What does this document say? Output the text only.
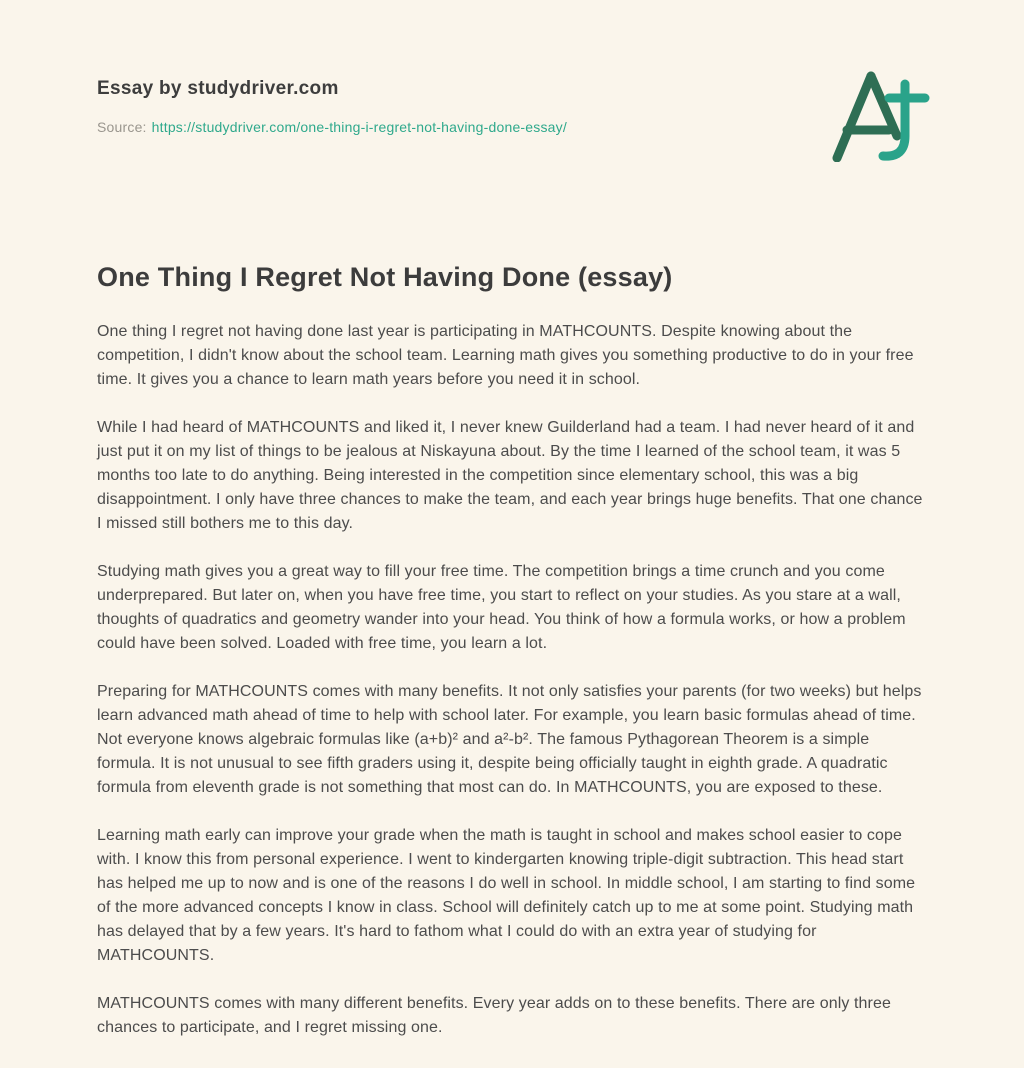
Essay by studydriver.com
Source: https://studydriver.com/one-thing-i-regret-not-having-done-essay/
One Thing I Regret Not Having Done (essay)

One thing I regret not having done last year is participating in MATHCOUNTS. Despite knowing about the competition, I didn't know about the school team. Learning math gives you something productive to do in your free time. It gives you a chance to learn math years before you need it in school.

While I had heard of MATHCOUNTS and liked it, I never knew Guilderland had a team. I had never heard of it and just put it on my list of things to be jealous at Niskayuna about. By the time I learned of the school team, it was 5 months too late to do anything. Being interested in the competition since elementary school, this was a big disappointment. I only have three chances to make the team, and each year brings huge benefits. That one chance I missed still bothers me to this day.

Studying math gives you a great way to fill your free time. The competition brings a time crunch and you come underprepared. But later on, when you have free time, you start to reflect on your studies. As you stare at a wall, thoughts of quadratics and geometry wander into your head. You think of how a formula works, or how a problem could have been solved. Loaded with free time, you learn a lot.

Preparing for MATHCOUNTS comes with many benefits. It not only satisfies your parents (for two weeks) but helps learn advanced math ahead of time to help with school later. For example, you learn basic formulas ahead of time. Not everyone knows algebraic formulas like (a+b)² and a²-b². The famous Pythagorean Theorem is a simple formula. It is not unusual to see fifth graders using it, despite being officially taught in eighth grade. A quadratic formula from eleventh grade is not something that most can do. In MATHCOUNTS, you are exposed to these.

Learning math early can improve your grade when the math is taught in school and makes school easier to cope with. I know this from personal experience. I went to kindergarten knowing triple-digit subtraction. This head start has helped me up to now and is one of the reasons I do well in school. In middle school, I am starting to find some of the more advanced concepts I know in class. School will definitely catch up to me at some point. Studying math has delayed that by a few years. It's hard to fathom what I could do with an extra year of studying for MATHCOUNTS.

MATHCOUNTS comes with many different benefits. Every year adds on to these benefits. There are only three chances to participate, and I regret missing one.
